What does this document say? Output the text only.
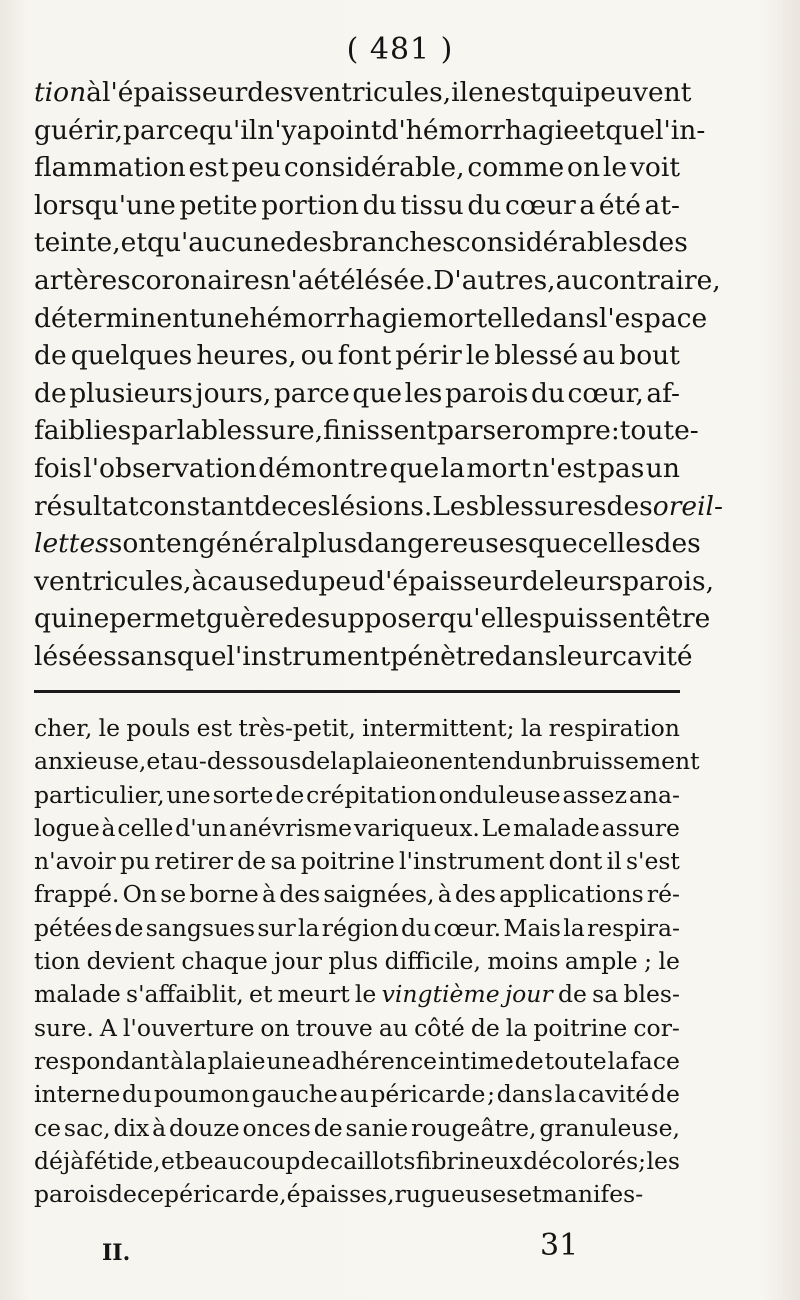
( 481 )
tion à l'épaisseur des ventricules, il en est qui peuvent
guérir, parce qu'il n'y a point d'hémorrhagie et que l'in-
flammation est peu considérable, comme on le voit
lorsqu'une petite portion du tissu du cœur a été at-
teinte, et qu'aucune des branches considérables des
artères coronaires n'a été lésée. D'autres, au contraire,
déterminent une hémorrhagie mortelle dans l'espace
de quelques heures, ou font périr le blessé au bout
de plusieurs jours, parce que les parois du cœur, af-
faiblies par la blessure, finissent par se rompre : toute-
fois l'observation démontre que la mort n'est pas un
résultat constant de ces lésions. Les blessures des oreil-
lettes sont en général plus dangereuses que celles des
ventricules, à cause du peu d'épaisseur de leurs parois,
qui ne permet guère de supposer qu'elles puissent être
lésées sans que l'instrument pénètre dans leur cavité
cher, le pouls est très-petit, intermittent; la respiration
anxieuse, et au-dessous de la plaie on entend un bruissement
particulier, une sorte de crépitation onduleuse assez ana-
logue à celle d'un anévrisme variqueux. Le malade assure
n'avoir pu retirer de sa poitrine l'instrument dont il s'est
frappé. On se borne à des saignées, à des applications ré-
pétées de sangsues sur la région du cœur. Mais la respira-
tion devient chaque jour plus difficile, moins ample ; le
malade s'affaiblit, et meurt le vingtième jour de sa bles-
sure. A l'ouverture on trouve au côté de la poitrine cor-
respondant à la plaie une adhérence intime de toute la face
interne du poumon gauche au péricarde ; dans la cavité de
ce sac, dix à douze onces de sanie rougeâtre, granuleuse,
déjà fétide, et beaucoup de caillots fibrineux décolorés; les
parois de ce péricarde, épaisses, rugueuses et manifes-
II.	31
